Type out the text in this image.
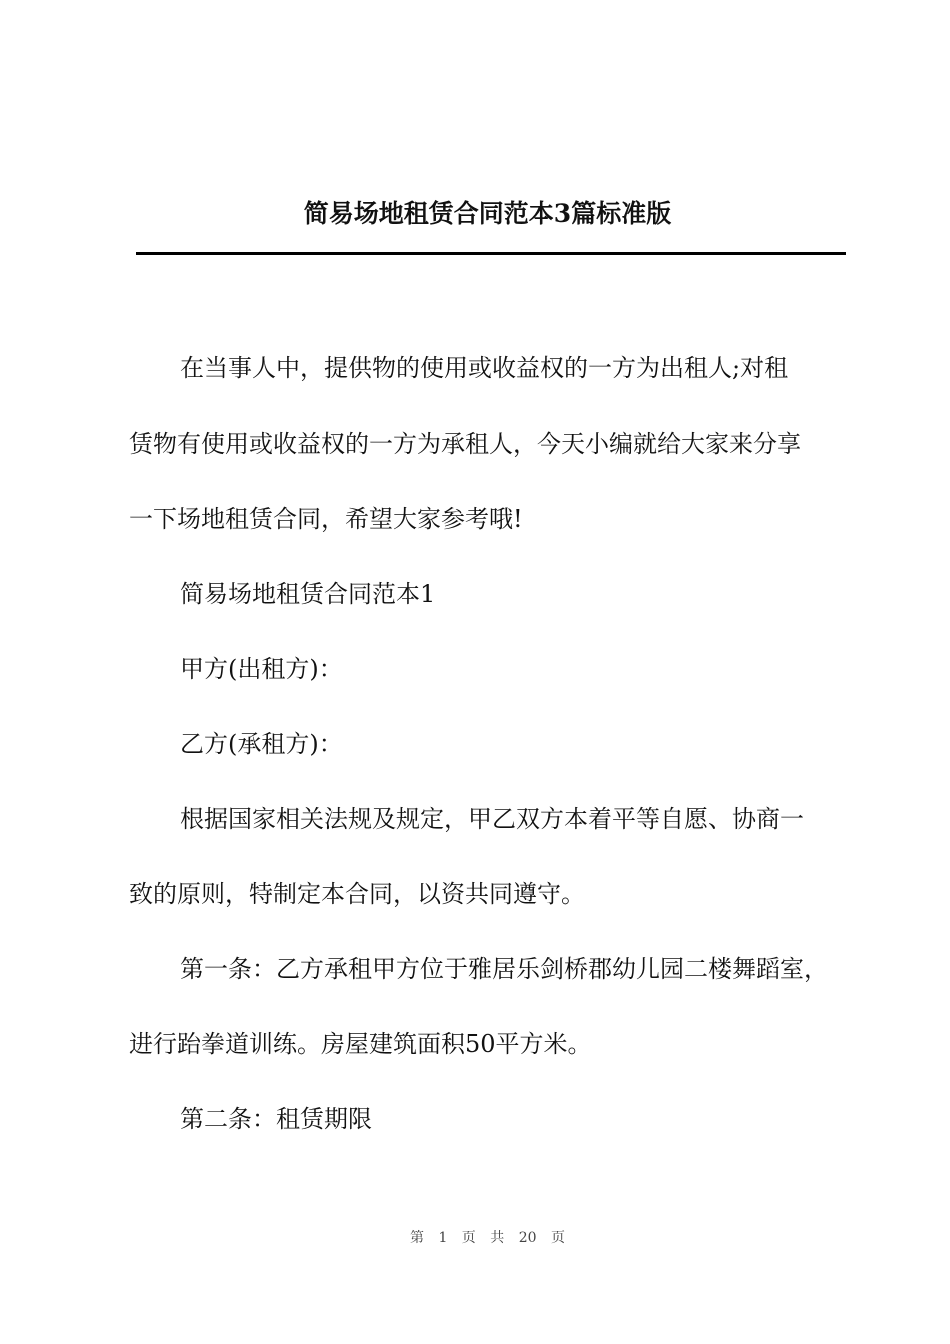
简易场地租赁合同范本3篇标准版
在当事人中，提供物的使用或收益权的一方为出租人;对租
赁物有使用或收益权的一方为承租人，今天小编就给大家来分享
一下场地租赁合同，希望大家参考哦!
简易场地租赁合同范本1
甲方(出租方)：
乙方(承租方)：
根据国家相关法规及规定，甲乙双方本着平等自愿、协商一
致的原则，特制定本合同，以资共同遵守。
第一条：乙方承租甲方位于雅居乐剑桥郡幼儿园二楼舞蹈室，
进行跆拳道训练。房屋建筑面积50平方米。
第二条：租赁期限
第 1 页 共 20 页
